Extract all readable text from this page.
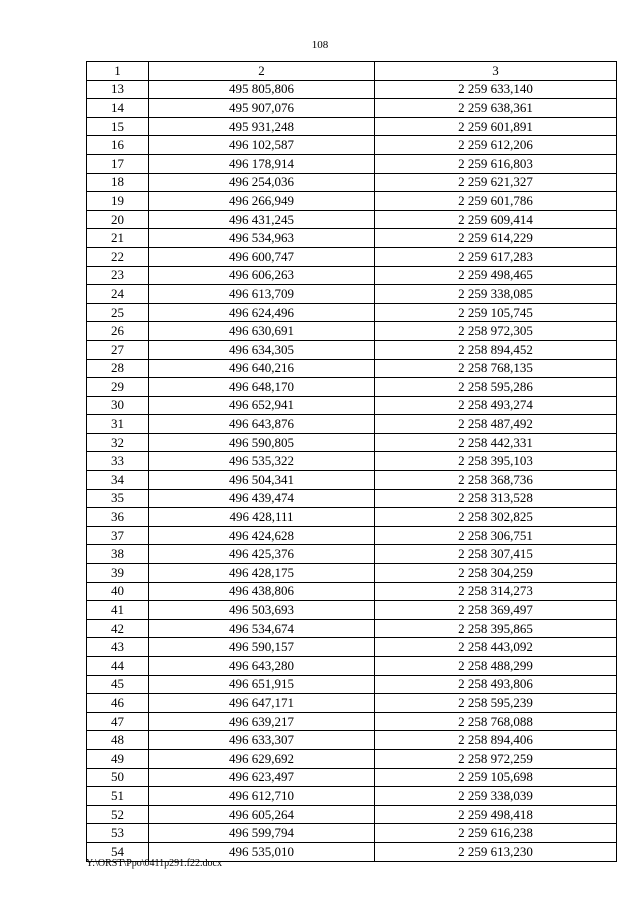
108
1	2	3
13	495 805,806	2 259 633,140
14	495 907,076	2 259 638,361
15	495 931,248	2 259 601,891
16	496 102,587	2 259 612,206
17	496 178,914	2 259 616,803
18	496 254,036	2 259 621,327
19	496 266,949	2 259 601,786
20	496 431,245	2 259 609,414
21	496 534,963	2 259 614,229
22	496 600,747	2 259 617,283
23	496 606,263	2 259 498,465
24	496 613,709	2 259 338,085
25	496 624,496	2 259 105,745
26	496 630,691	2 258 972,305
27	496 634,305	2 258 894,452
28	496 640,216	2 258 768,135
29	496 648,170	2 258 595,286
30	496 652,941	2 258 493,274
31	496 643,876	2 258 487,492
32	496 590,805	2 258 442,331
33	496 535,322	2 258 395,103
34	496 504,341	2 258 368,736
35	496 439,474	2 258 313,528
36	496 428,111	2 258 302,825
37	496 424,628	2 258 306,751
38	496 425,376	2 258 307,415
39	496 428,175	2 258 304,259
40	496 438,806	2 258 314,273
41	496 503,693	2 258 369,497
42	496 534,674	2 258 395,865
43	496 590,157	2 258 443,092
44	496 643,280	2 258 488,299
45	496 651,915	2 258 493,806
46	496 647,171	2 258 595,239
47	496 639,217	2 258 768,088
48	496 633,307	2 258 894,406
49	496 629,692	2 258 972,259
50	496 623,497	2 259 105,698
51	496 612,710	2 259 338,039
52	496 605,264	2 259 498,418
53	496 599,794	2 259 616,238
54	496 535,010	2 259 613,230
Y:\ORST\Ppo\0411p291.f22.docx
